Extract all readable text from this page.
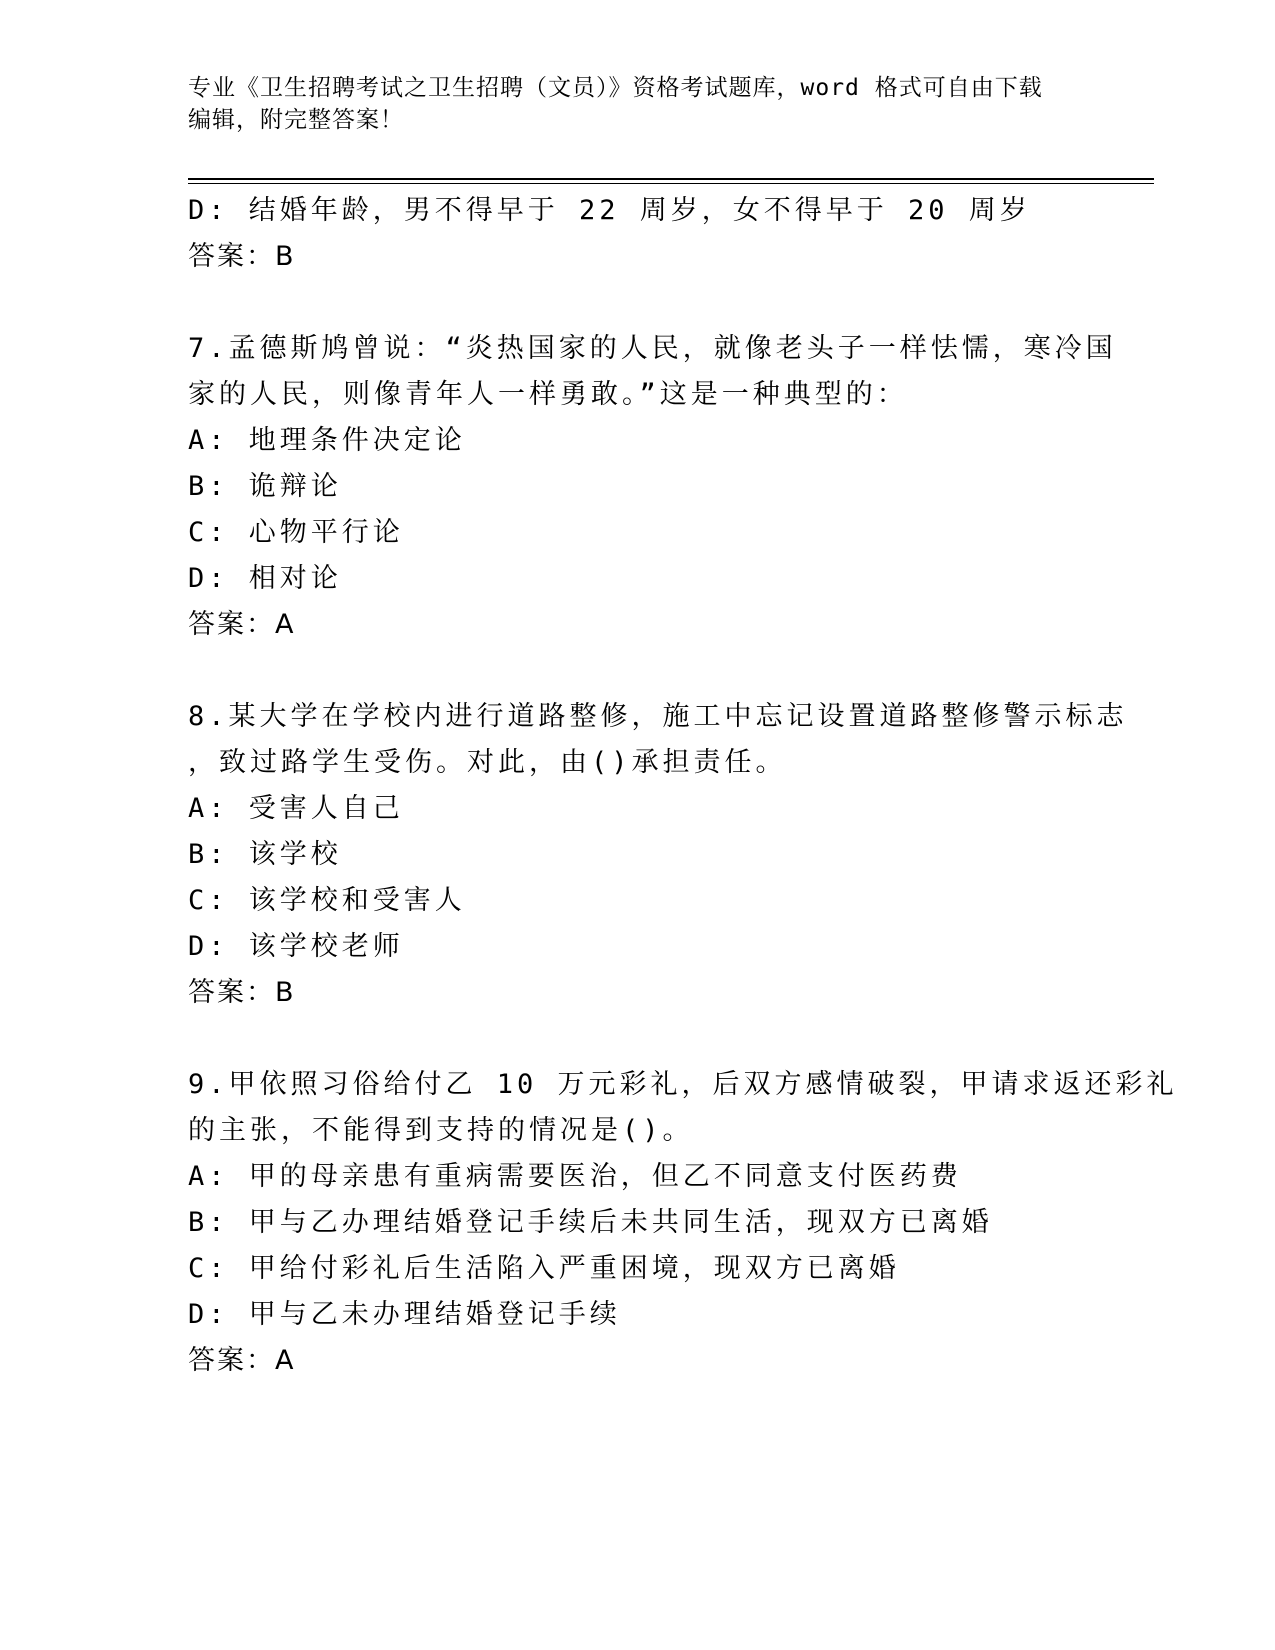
专业《卫生招聘考试之卫生招聘（文员）》资格考试题库，word 格式可自由下载
编辑，附完整答案！
D: 结婚年龄，男不得早于 22 周岁，女不得早于 20 周岁
答案：B
7.孟德斯鸠曾说：“炎热国家的人民，就像老头子一样怯懦，寒冷国
家的人民，则像青年人一样勇敢。”这是一种典型的：
A: 地理条件决定论
B: 诡辩论
C: 心物平行论
D: 相对论
答案：A
8.某大学在学校内进行道路整修，施工中忘记设置道路整修警示标志
，致过路学生受伤。对此，由()承担责任。
A: 受害人自己
B: 该学校
C: 该学校和受害人
D: 该学校老师
答案：B
9.甲依照习俗给付乙 10 万元彩礼，后双方感情破裂，甲请求返还彩礼
的主张，不能得到支持的情况是()。
A: 甲的母亲患有重病需要医治，但乙不同意支付医药费
B: 甲与乙办理结婚登记手续后未共同生活，现双方已离婚
C: 甲给付彩礼后生活陷入严重困境，现双方已离婚
D: 甲与乙未办理结婚登记手续
答案：A
